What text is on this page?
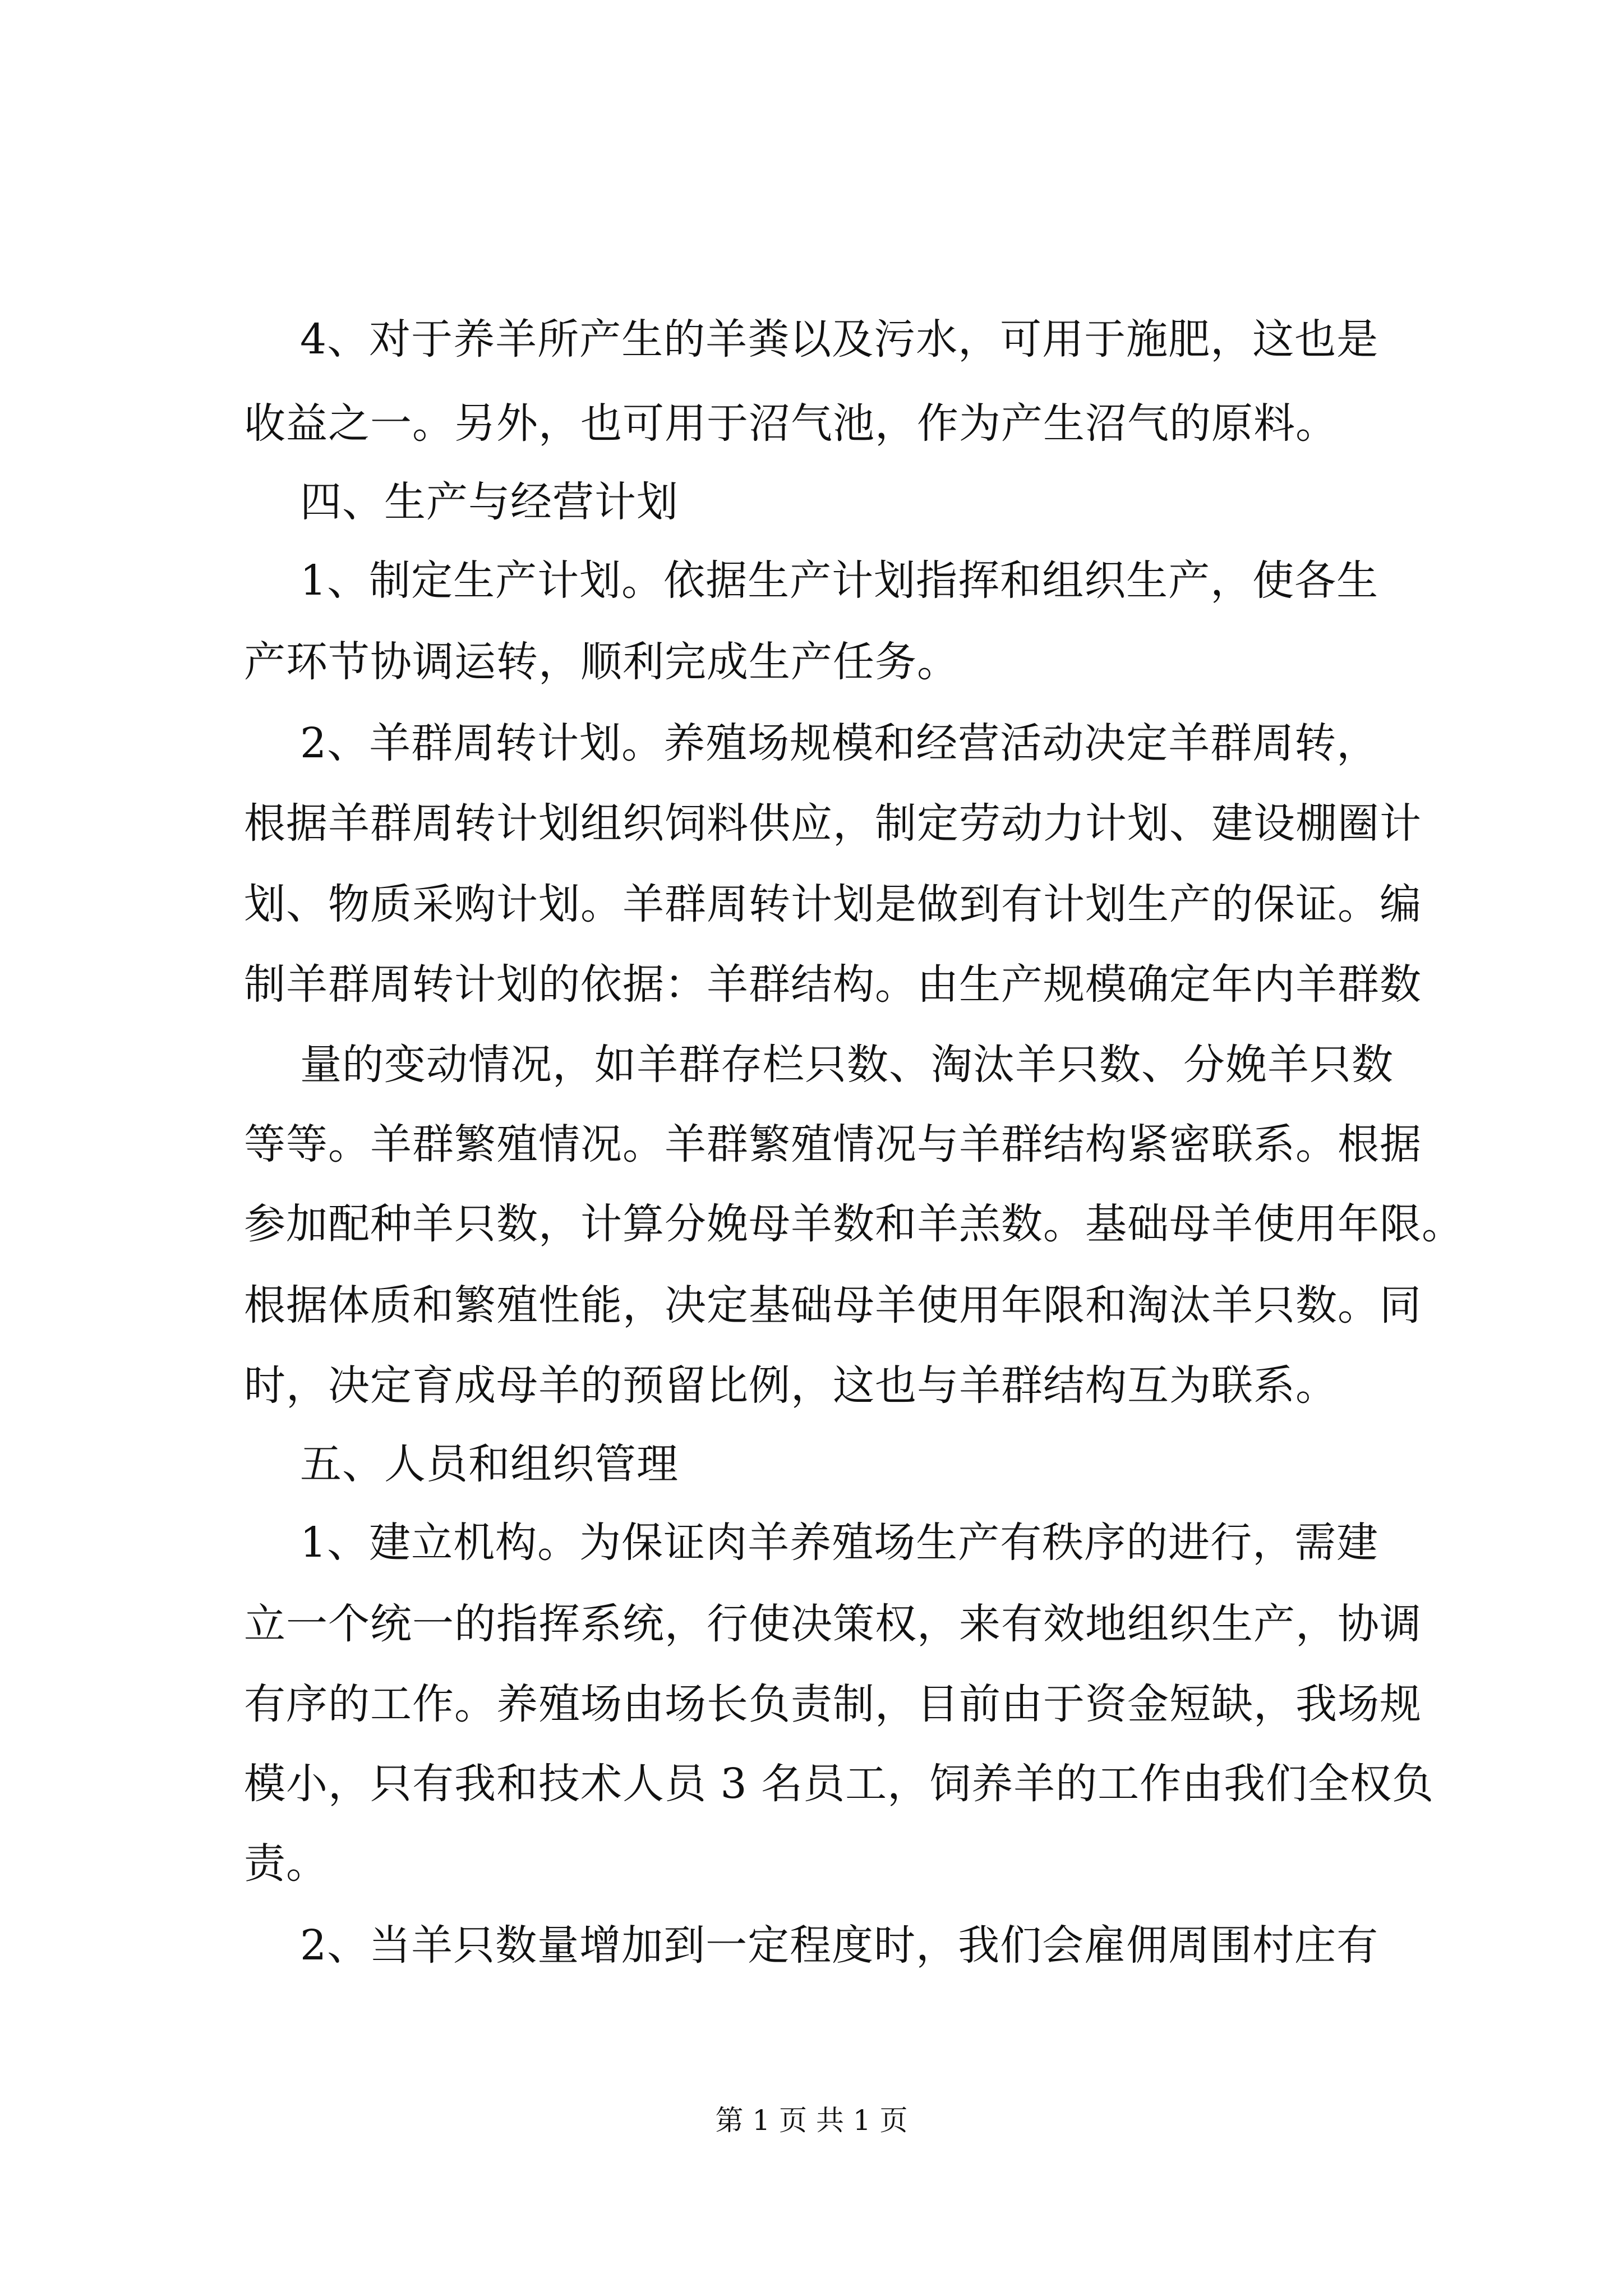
4、对于养羊所产生的羊粪以及污水，可用于施肥，这也是
收益之一。另外，也可用于沼气池，作为产生沼气的原料。
四、生产与经营计划
1、制定生产计划。依据生产计划指挥和组织生产，使各生
产环节协调运转，顺利完成生产任务。
2、羊群周转计划。养殖场规模和经营活动决定羊群周转，
根据羊群周转计划组织饲料供应，制定劳动力计划、建设棚圈计
划、物质采购计划。羊群周转计划是做到有计划生产的保证。编
制羊群周转计划的依据：羊群结构。由生产规模确定年内羊群数
量的变动情况，如羊群存栏只数、淘汰羊只数、分娩羊只数
等等。羊群繁殖情况。羊群繁殖情况与羊群结构紧密联系。根据
参加配种羊只数，计算分娩母羊数和羊羔数。基础母羊使用年限。
根据体质和繁殖性能，决定基础母羊使用年限和淘汰羊只数。同
时，决定育成母羊的预留比例，这也与羊群结构互为联系。
五、人员和组织管理
1、建立机构。为保证肉羊养殖场生产有秩序的进行，需建
立一个统一的指挥系统，行使决策权，来有效地组织生产，协调
有序的工作。养殖场由场长负责制，目前由于资金短缺，我场规
模小，只有我和技术人员 3 名员工，饲养羊的工作由我们全权负
责。
2、当羊只数量增加到一定程度时，我们会雇佣周围村庄有
第 1 页 共 1 页
